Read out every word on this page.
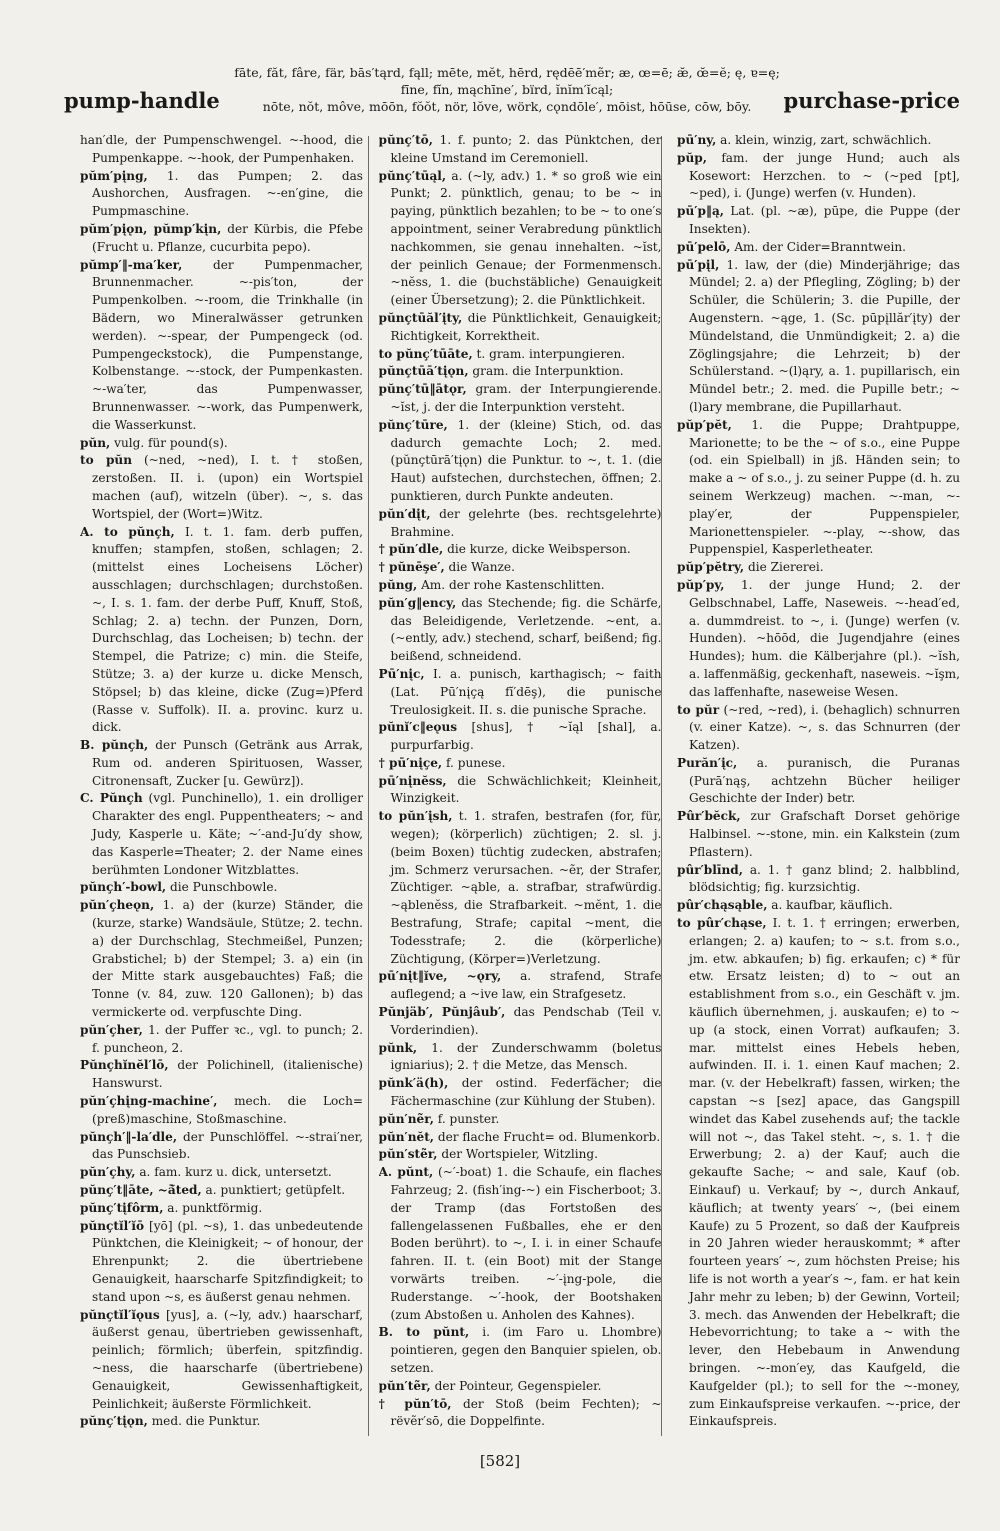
pump-handle
fāte, făt, fâre, fär, bās′tąrd, fąll; mēte, mĕt, hērd, rędēē′mẽr; æ, œ=ē; æ̆, œ̆=ĕ; ę, ɐ=ę;
fīne, fĭn, mąchīne′, bïrd, ĭnĭm′ĭcąl;
nōte, nŏt, môve, mōōn, fŏŏt, nör, lŏve, wörk, cǫndōle′, mōist, hōūse, cōw, bōy.	purchase-price

han′dle, der Pumpenschwengel. ~-hood, die Pumpenkappe. ~-hook, der Pumpenhaken.

pŭm′pįng, 1. das Pumpen; 2. das Aushorchen, Ausfragen. ~-en′gine, die Pumpmaschine.

pŭm′pįǫn, pŭmp′kįn, der Kürbis, die Pfebe (Frucht u. Pflanze, cucurbita pepo).

pŭmp′‖-ma′ker,	der Pumpenmacher, Brunnenmacher. ~-pis′ton, der Pumpenkolben. ~-room, die Trinkhalle (in Bädern, wo Mineralwässer getrunken werden). ~-spear, der Pumpengeck (od. Pumpengeckstock), die Pumpenstange, Kolbenstange. ~-stock, der Pumpenkasten. ~-wa′ter, das Pumpenwasser, Brunnenwasser. ~-work, das Pumpenwerk, die Wasserkunst.

pŭn, vulg. für pound(s).

to pŭn (~ned, ~ned), I. t. † stoßen, zerstoßen. II. i. (upon) ein Wortspiel machen (auf), witzeln (über). ~, s. das Wortspiel, der (Wort=)Witz.

A. to pŭnçh, I. t. 1. fam. derb puffen, knuffen; stampfen, stoßen, schlagen; 2. (mittelst eines Locheisens Löcher) ausschlagen; durchschlagen; durchstoßen. ~, I. s. 1. fam. der derbe Puff, Knuff, Stoß, Schlag; 2. a) techn. der Punzen, Dorn, Durchschlag, das Locheisen; b) techn. der Stempel, die Patrize; c) min. die Steife, Stütze; 3. a) der kurze u. dicke Mensch, Stöpsel; b) das kleine, dicke (Zug=)Pferd (Rasse v. Suffolk). II. a. provinc. kurz u. dick.

B. pŭnçh, der Punsch (Getränk aus Arrak, Rum od. anderen Spirituosen, Wasser, Citronensaft, Zucker [u. Gewürz]).

C. Pŭnçh (vgl. Punchinello), 1. ein drolliger Charakter des engl. Puppentheaters; ~ and Judy, Kasperle u. Käte; ~′-and-Ju′dy show, das Kasperle=Theater; 2. der Name eines berühmten Londoner Witzblattes.

pŭnçh′-bowl, die Punschbowle.

pŭn′çheǫn, 1. a) der (kurze) Ständer, die (kurze, starke) Wandsäule, Stütze; 2. techn. a) der Durchschlag, Stechmeißel, Punzen; Grabstichel; b) der Stempel; 3. a) ein (in der Mitte stark ausgebauchtes) Faß; die Tonne (v. 84, zuw. 120 Gallonen); b) das vermickerte od. verpfuschte Ding.

pŭn′çher, 1. der Puffer ꝛc., vgl. to punch; 2. f. puncheon, 2.

Pŭnçhĭnĕl′lō, der Polichinell, (italienische) Hanswurst.

pŭn′çhįng-machine′, mech. die Loch=(preß)maschine, Stoßmaschine.

pŭnçh′‖-la′dle, der Punschlöffel. ~-strai′ner, das Punschsieb.

pŭn′çhy, a. fam. kurz u. dick, untersetzt.

pŭnç′t‖āte, ~ā̆ted, a. punktiert; getüpfelt.

pŭnç′tįfôrm, a. punktförmig.

pŭnçtĭl′ĭō [yō] (pl. ~s), 1. das unbedeutende Pünktchen, die Kleinigkeit; ~ of honour, der Ehrenpunkt; 2. die übertriebene Genauigkeit, haarscharfe Spitzfindigkeit; to stand upon ~s, es äußerst genau nehmen.

pŭnçtĭl′ĭǫus [yus], a. (~ly, adv.) haarscharf, äußerst genau, übertrieben gewissenhaft, peinlich; förmlich; überfein, spitzfindig. ~ness, die haarscharfe (übertriebene) Genauigkeit, Gewissenhaftigkeit, Peinlichkeit; äußerste Förmlichkeit.

pŭnç′tįǫn, med. die Punktur.

pŭnç′tō, 1. f. punto; 2. das Pünktchen, der kleine Umstand im Ceremoniell.

pŭnç′tūąl, a. (~ly, adv.) 1. * so groß wie ein Punkt; 2. pünktlich, genau; to be ~ in paying, pünktlich bezahlen; to be ~ to one′s appointment, seiner Verabredung pünktlich nachkommen, sie genau innehalten. ~ĭst, der peinlich Genaue; der Formenmensch. ~nĕss, 1. die (buchstäbliche) Genauigkeit (einer Übersetzung); 2. die Pünktlichkeit.

pŭnçtūăl′įty, die Pünktlichkeit, Genauigkeit; Richtigkeit, Korrektheit.

to pŭnç′tūāte, t. gram. interpungieren.

pŭnçtūā′tįǫn, gram. die Interpunktion.

pŭnç′tū‖ātǫr, gram. der Interpungierende. ~ĭst, j. der die Interpunktion versteht.

pŭnç′tūre, 1. der (kleine) Stich, od. das dadurch gemachte Loch; 2. med. (pŭnçtūrā′tįǫn) die Punktur. to ~, t. 1. (die Haut) aufstechen, durchstechen, öffnen; 2. punktieren, durch Punkte andeuten.

pŭn′dįt, der gelehrte (bes. rechtsgelehrte) Brahmine.

† pŭn′dle, die kurze, dicke Weibsperson.

† pŭnēşe′, die Wanze.

pŭng, Am. der rohe Kastenschlitten.

pŭn′g‖ency, das Stechende; fig. die Schärfe, das Beleidigende, Verletzende. ~ent, a. (~ently, adv.) stechend, scharf, beißend; fig. beißend, schneidend.

Pū′nįc, I. a. punisch, karthagisch; ~ faith (Lat. Pū′nįçą fĭ′dēş), die punische Treulosigkeit. II. s. die punische Sprache.

pŭnĭ′c‖eǫus [shus], † ~ĭąl [shal], a. purpurfarbig.

† pū′nįçe, f. punese.

pū′nįnĕss, die Schwächlichkeit; Kleinheit, Winzigkeit.

to pŭn′įsh, t. 1. strafen, bestrafen (for, für, wegen); (körperlich) züchtigen; 2. sl. j. (beim Boxen) tüchtig zudecken, abstrafen; jm. Schmerz verursachen. ~ẽr, der Strafer, Züchtiger. ~ąble, a. strafbar, strafwürdig. ~ąblenĕss, die Strafbarkeit. ~mĕnt, 1. die Bestrafung, Strafe; capital ~ment, die Todesstrafe; 2. die (körperliche) Züchtigung, (Körper=)Verletzung.

pū′nįt‖ĭve, ~ǫry, a. strafend, Strafe auflegend; a ~ive law, ein Strafgesetz.

Pŭnjäb′, Pŭnjâub′, das Pendschab (Teil v. Vorderindien).

pŭnk, 1. der Zunderschwamm (boletus igniarius); 2. † die Metze, das Mensch.

pŭnk′ä(h), der ostind. Federfächer; die Fächermaschine (zur Kühlung der Stuben).

pŭn′nẽr, f. punster.

pŭn′nĕt, der flache Frucht= od. Blumenkorb.

pŭn′stẽr, der Wortspieler, Witzling.

A. pŭnt, (~′-boat) 1. die Schaufe, ein flaches Fahrzeug; 2. (fish′ing-~) ein Fischerboot; 3. der Tramp (das Fortstoßen des fallengelassenen Fußballes, ehe er den Boden berührt). to ~, I. i. in einer Schaufe fahren. II. t. (ein Boot) mit der Stange vorwärts treiben. ~′-įng-pole, die Ruderstange. ~′-hook, der Bootshaken (zum Abstoßen u. Anholen des Kahnes).

B. to pŭnt, i. (im Faro u. Lhombre) pointieren, gegen den Banquier spielen, ob. setzen.

pŭn′tẽr, der Pointeur, Gegenspieler.

† pŭn′tō, der Stoß (beim Fechten); ~ rëvẽr′sō, die Doppelfinte.

pū′ny, a. klein, winzig, zart, schwächlich.

pŭp, fam. der junge Hund; auch als Kosewort: Herzchen. to ~ (~ped [pt], ~ped), i. (Junge) werfen (v. Hunden).

pū′p‖ą, Lat. (pl. ~æ), pūpe, die Puppe (der Insekten).

pū′pelō, Am. der Cider=Branntwein.

pū′pįl, 1. law, der (die) Minderjährige; das Mündel; 2. a) der Pflegling, Zögling; b) der Schüler, die Schülerin; 3. die Pupille, der Augenstern. ~ąge, 1. (Sc. pūpįllăr′įty) der Mündelstand, die Unmündigkeit; 2. a) die Zöglingsjahre; die Lehrzeit; b) der Schülerstand. ~(l)ąry, a. 1. pupillarisch, ein Mündel betr.; 2. med. die Pupille betr.; ~(l)ary membrane, die Pupillarhaut.

pŭp′pĕt, 1. die Puppe; Drahtpuppe, Marionette; to be the ~ of s.o., eine Puppe (od. ein Spielball) in jß. Händen sein; to make a ~ of s.o., j. zu seiner Puppe (d. h. zu seinem Werkzeug) machen. ~-man, ~-play′er, der Puppenspieler, Marionettenspieler. ~-play, ~-show, das Puppenspiel, Kasperletheater.

pŭp′pĕtry, die Ziererei.

pŭp′py, 1. der junge Hund; 2. der Gelbschnabel, Laffe, Naseweis. ~-head′ed, a. dummdreist. to ~, i. (Junge) werfen (v. Hunden). ~hōōd, die Jugendjahre (eines Hundes); hum. die Kälberjahre (pl.). ~ĭsh, a. laffenmäßig, geckenhaft, naseweis. ~ĭşm, das laffenhafte, naseweise Wesen.

to pŭr (~red, ~red), i. (behaglich) schnurren (v. einer Katze). ~, s. das Schnurren (der Katzen).

Purăn′įc, a. puranisch, die Puranas (Purā′nąş, achtzehn Bücher heiliger Geschichte der Inder) betr.

Pûr′bĕck, zur Grafschaft Dorset gehörige Halbinsel. ~-stone, min. ein Kalkstein (zum Pflastern).

pûr′blīnd, a. 1. † ganz blind; 2. halbblind, blödsichtig; fig. kurzsichtig.

pûr′chąsąble, a. kaufbar, käuflich.

to pûr′chąse, I. t. 1. † erringen; erwerben, erlangen; 2. a) kaufen; to ~ s.t. from s.o., jm. etw. abkaufen; b) fig. erkaufen; c) * für etw. Ersatz leisten; d) to ~ out an establishment from s.o., ein Geschäft v. jm. käuflich übernehmen, j. auskaufen; e) to ~ up (a stock, einen Vorrat) aufkaufen; 3. mar. mittelst eines Hebels heben, aufwinden. II. i. 1. einen Kauf machen; 2. mar. (v. der Hebelkraft) fassen, wirken; the capstan ~s [sez] apace, das Gangspill windet das Kabel zusehends auf; the tackle will not ~, das Takel steht. ~, s. 1. † die Erwerbung; 2. a) der Kauf; auch die gekaufte Sache; ~ and sale, Kauf (ob. Einkauf) u. Verkauf; by ~, durch Ankauf, käuflich; at twenty years′ ~, (bei einem Kaufe) zu 5 Prozent, so daß der Kaufpreis in 20 Jahren wieder herauskommt; * after fourteen years′ ~, zum höchsten Preise; his life is not worth a year′s ~, fam. er hat kein Jahr mehr zu leben; b) der Gewinn, Vorteil; 3. mech. das Anwenden der Hebelkraft; die Hebevorrichtung; to take a ~ with the lever, den Hebebaum in Anwendung bringen. ~-mon′ey, das Kaufgeld, die Kaufgelder (pl.); to sell for the ~-money, zum Einkaufspreise verkaufen. ~-price, der Einkaufspreis.

[582]
